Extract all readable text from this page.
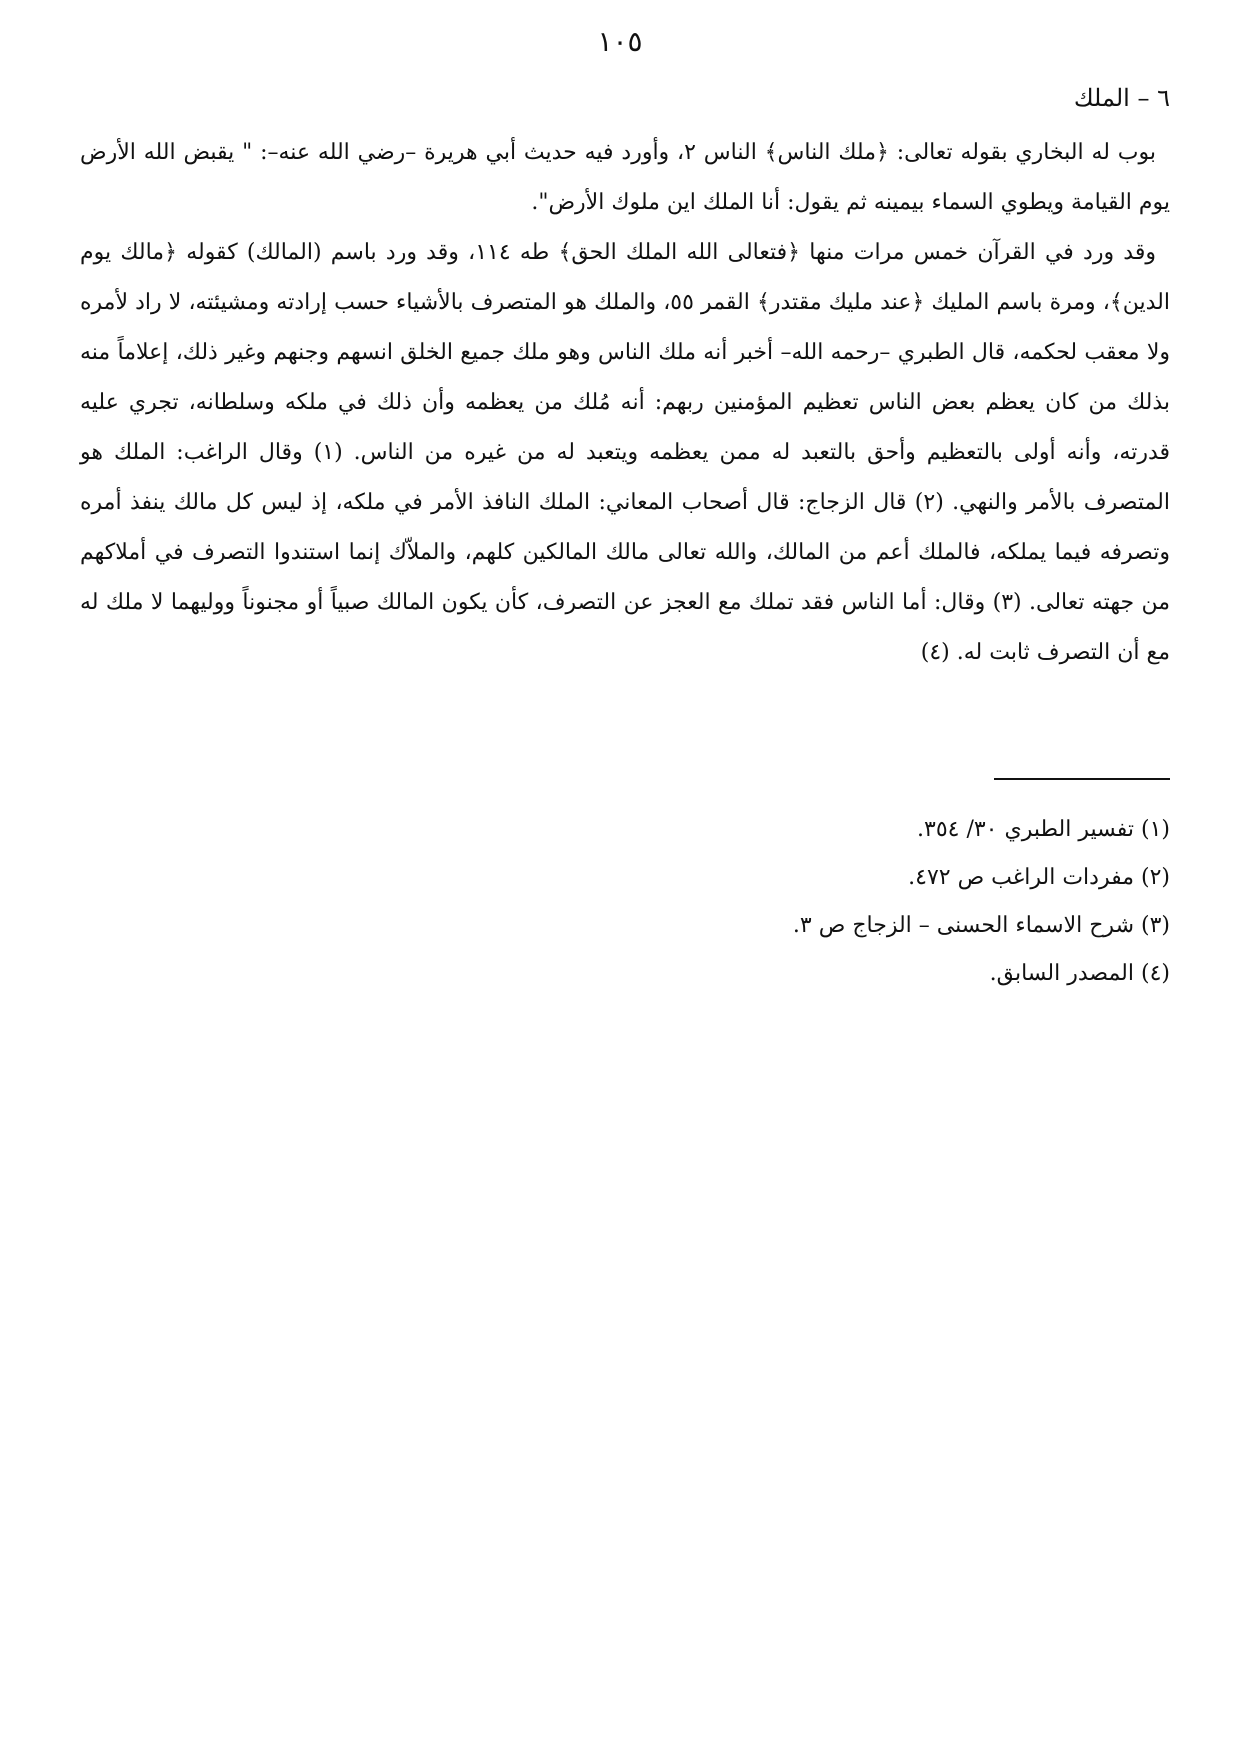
١٠٥
٦ – الملك

بوب له البخاري بقوله تعالى: ﴿ملك الناس﴾ الناس ٢، وأورد فيه حديث أبي هريرة –رضي الله عنه–: " يقبض الله الأرض يوم القيامة ويطوي السماء بيمينه ثم يقول: أنا الملك اين ملوك الأرض".

وقد ورد في القرآن خمس مرات منها ﴿فتعالى الله الملك الحق﴾ طه ١١٤، وقد ورد باسم (المالك) كقوله ﴿مالك يوم الدين﴾، ومرة باسم المليك ﴿عند مليك مقتدر﴾ القمر ٥٥، والملك هو المتصرف بالأشياء حسب إرادته ومشيئته، لا راد لأمره ولا معقب لحكمه، قال الطبري –رحمه الله– أخبر أنه ملك الناس وهو ملك جميع الخلق انسهم وجنهم وغير ذلك، إعلاماً منه بذلك من كان يعظم بعض الناس تعظيم المؤمنين ربهم: أنه مُلك من يعظمه وأن ذلك في ملكه وسلطانه، تجري عليه قدرته، وأنه أولى بالتعظيم وأحق بالتعبد له ممن يعظمه ويتعبد له من غيره من الناس. (١) وقال الراغب: الملك هو المتصرف بالأمر والنهي. (٢) قال الزجاج: قال أصحاب المعاني: الملك النافذ الأمر في ملكه، إذ ليس كل مالك ينفذ أمره وتصرفه فيما يملكه، فالملك أعم من المالك، والله تعالى مالك المالكين كلهم، والملاّك إنما استندوا التصرف في أملاكهم من جهته تعالى. (٣) وقال: أما الناس فقد تملك مع العجز عن التصرف، كأن يكون المالك صبياً أو مجنوناً ووليهما لا ملك له مع أن التصرف ثابت له. (٤)

(١) تفسير الطبري ٣٠/ ٣٥٤.
(٢) مفردات الراغب ص ٤٧٢.
(٣) شرح الاسماء الحسنى – الزجاج ص ٣.
(٤) المصدر السابق.
